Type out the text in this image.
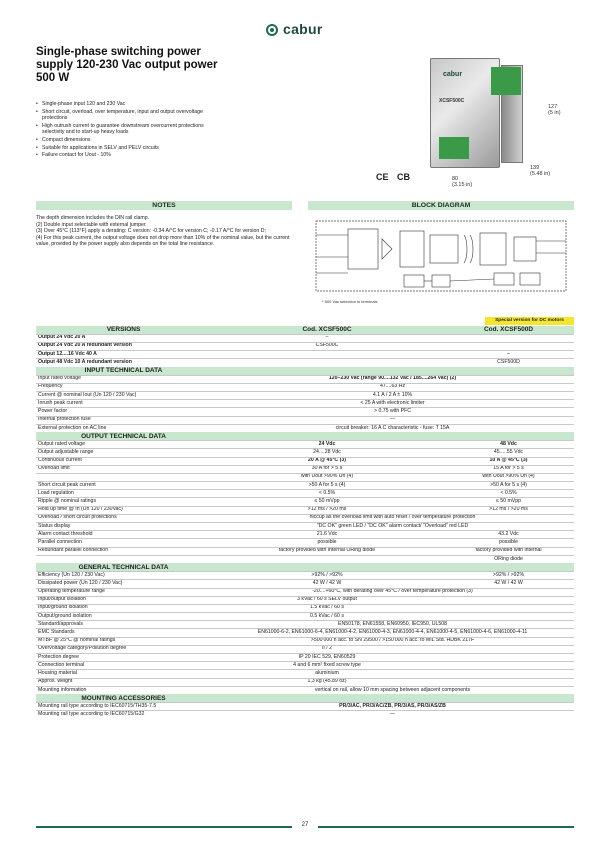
cabur
Single-phase switching power supply 120-230 Vac output power 500 W
• Single-phase input 120 and 230 Vac
• Short circuit, overload, over temperature, input and output overvoltage protections
• High outrush current to guarantee downstream overcurrent protections selectivity and to start-up heavy loads
• Compact dimensions
• Suitable for applications in SELV and PELV circuits
• Failure contact for Uout - 10%
cabur
XCSF500C
127
(5 in)
139
(5.48 in)
80
(3.15 in)
CE CB
NOTES	BLOCK DIAGRAM
The depth dimension includes the DIN rail clamp.
(2) Double input selectable with external jumper.
(3) Over 45°C (113°F) apply a derating: C version: -0.34 A/°C for version C; -0.17 A/°C for version D;
(4) For this peak current, the output voltage does not drop more than 10% of the nominal value, but the current value, provided by the power supply also depends on the total line resistance.
* 500 Vac selection in terminals
Special version for DC motors
VERSIONS	Cod. XCSF500C	Cod. XCSF500D
Output 24 Vdc 20 A	–	
Output 24 Vdc 20 A redundant version	CSF500C	
Output 12....16 Vdc 40 A		–
Output 48 Vdc 10 A redundant version		CSF500D
INPUT TECHNICAL DATA		
Input rated voltage	120–230 Vac (range 90....132 Vac / 185....264 Vac) (2)	
Frequency	47....63 Hz	
Current @ nominal Iout (Un 120 / 230 Vac)	4.1 A / 2 A ± 10%	
Inrush peak current	< 25 A with electronic limiter	
Power factor	> 0.75 with PFC	
Internal protection fuse	—	
External protection on AC line	circuit breaker: 16 A C characteristic - fuse: T 15A	
OUTPUT TECHNICAL DATA		
Output rated voltage	24 Vdc	48 Vdc
Output adjustable range	24....28 Vdc	45.....55 Vdc
Continuous current	20 A @ 45°C (3)	10 A @ 45°C (3)
Overload limit	30 A for > 5 s	15 A for > 5 s
	with Uout >90% Un (4)	with Uout >90% Un (4)
Short circuit peak current	>50 A for 5 s (4)	>50 A for 5 s (4)
Load regulation	< 0.5%	< 0.5%
Ripple @ nominal ratings	≤ 50 mVpp	≤ 50 mVpp
Hold up time @ In (Un 120 / 230Vac)	>12 ms / >20 ms	>12 ms / >20 ms
Overload / short circuit protections	hiccup as the overload limit with auto reset / over temperature protection	
Status display	"DC OK" green LED / "DC OK" alarm contact/ "Overload" red LED	
Alarm contact threshold	21.6 Vdc	43.2 Vdc
Parallel connection	possible	possible
Redundant parallel connection	factory provided with internal ORing diode	factory provided with internal
		ORing diode
GENERAL TECHNICAL DATA		
Efficiency (Un 120 / 230 Vac)	>92% / >92%	>92% / >92%
Dissipated power (Un 120 / 230 Vac)	42 W / 42 W	42 W / 42 W
Operating temperature range	-20....+60°C, with derating over 45°C / over temperature protection (3)	
Input/output isolation	3 kVac / 60 s SELV output	
Input/ground isolation	1.5 kVac / 60 s	
Output/ground isolation	0.5 kVac / 60 s	
Standard/approvals	EN50178, EN61558, EN60950, IEC950, UL508	
EMC Standards	EN61000-6-2, EN61000-6-4, EN61000-4-2, EN61000-4-3, EN61000-4-4, EN61000-4-5, EN61000-4-6, EN61000-4-11	
MTBF @ 25°C @ nominal ratings	>500'000 h acc. to SN 29500 / >150'000 h acc. to MIL Std. HDBK 217F	
Overvoltage category/Pollution degree	II / 2	
Protection degree	IP 20 IEC 529, EN60529	
Connection terminal	4 and 6 mm² fixed screw type	
Housing material	aluminium	
Approx. weight	1,3 kg (45.89 oz)	
Mounting information	vertical on rail, allow 10 mm spacing between adjacent components	
MOUNTING ACCESSORIES		
Mounting rail type according to IEC60715/TH35-7.5	PR/3/AC, PR/3/AC/ZB, PR/3/AS, PR/3/AS/ZB	
Mounting rail type according to IEC60715/G32	—	
27
